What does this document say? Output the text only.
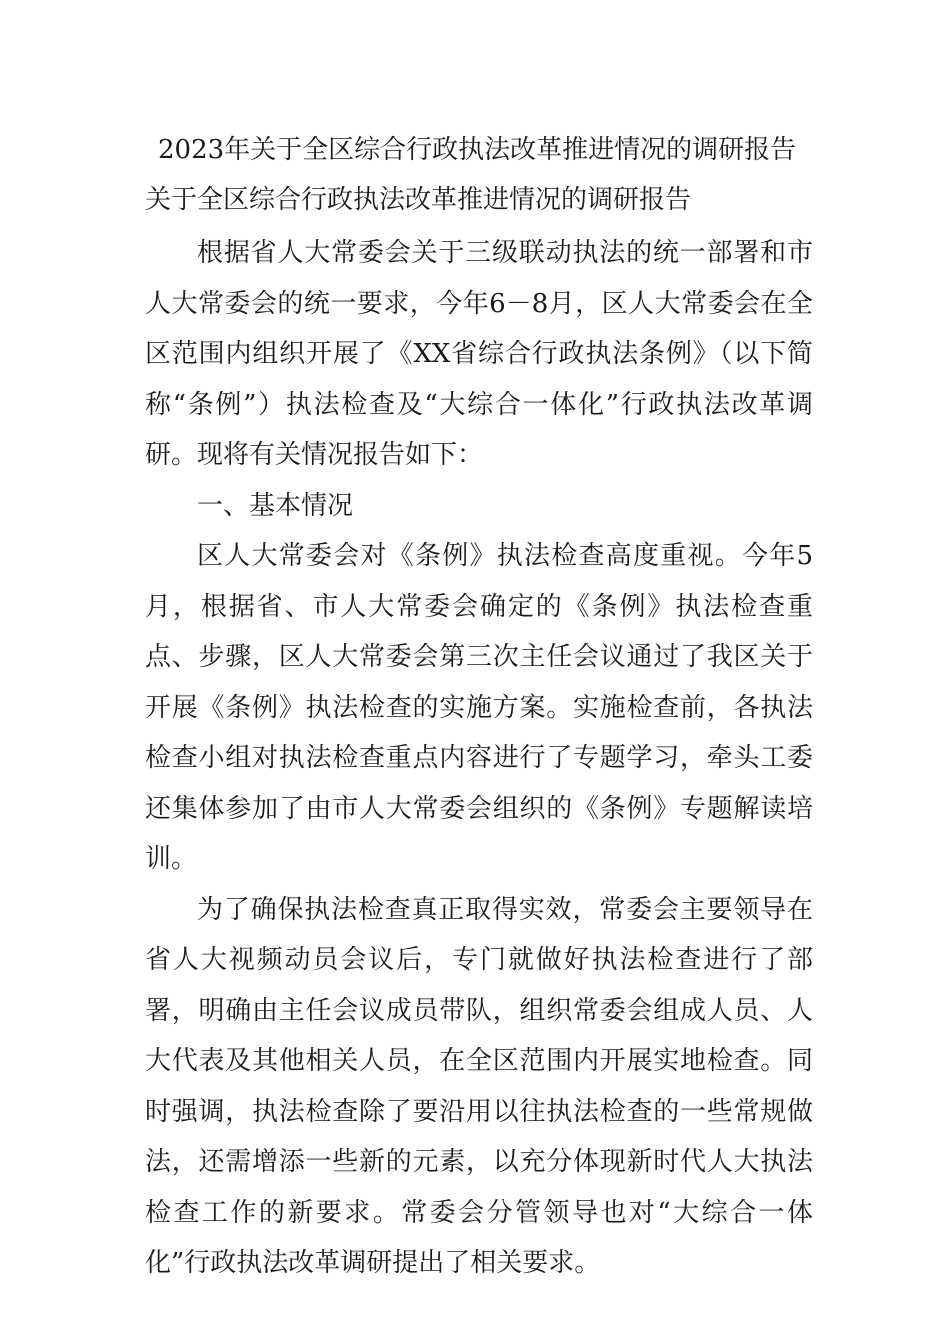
2023年关于全区综合行政执法改革推进情况的调研报告
关于全区综合行政执法改革推进情况的调研报告

根据省人大常委会关于三级联动执法的统一部署和市人大常委会的统一要求，今年6－8月，区人大常委会在全区范围内组织开展了《XX省综合行政执法条例》（以下简称“条例”）执法检查及“大综合一体化”行政执法改革调研。现将有关情况报告如下：

一、基本情况

区人大常委会对《条例》执法检查高度重视。今年5月，根据省、市人大常委会确定的《条例》执法检查重点、步骤，区人大常委会第三次主任会议通过了我区关于开展《条例》执法检查的实施方案。实施检查前，各执法检查小组对执法检查重点内容进行了专题学习，牵头工委还集体参加了由市人大常委会组织的《条例》专题解读培训。

为了确保执法检查真正取得实效，常委会主要领导在省人大视频动员会议后，专门就做好执法检查进行了部署，明确由主任会议成员带队，组织常委会组成人员、人大代表及其他相关人员，在全区范围内开展实地检查。同时强调，执法检查除了要沿用以往执法检查的一些常规做法，还需增添一些新的元素，以充分体现新时代人大执法检查工作的新要求。常委会分管领导也对“大综合一体化”行政执法改革调研提出了相关要求。
